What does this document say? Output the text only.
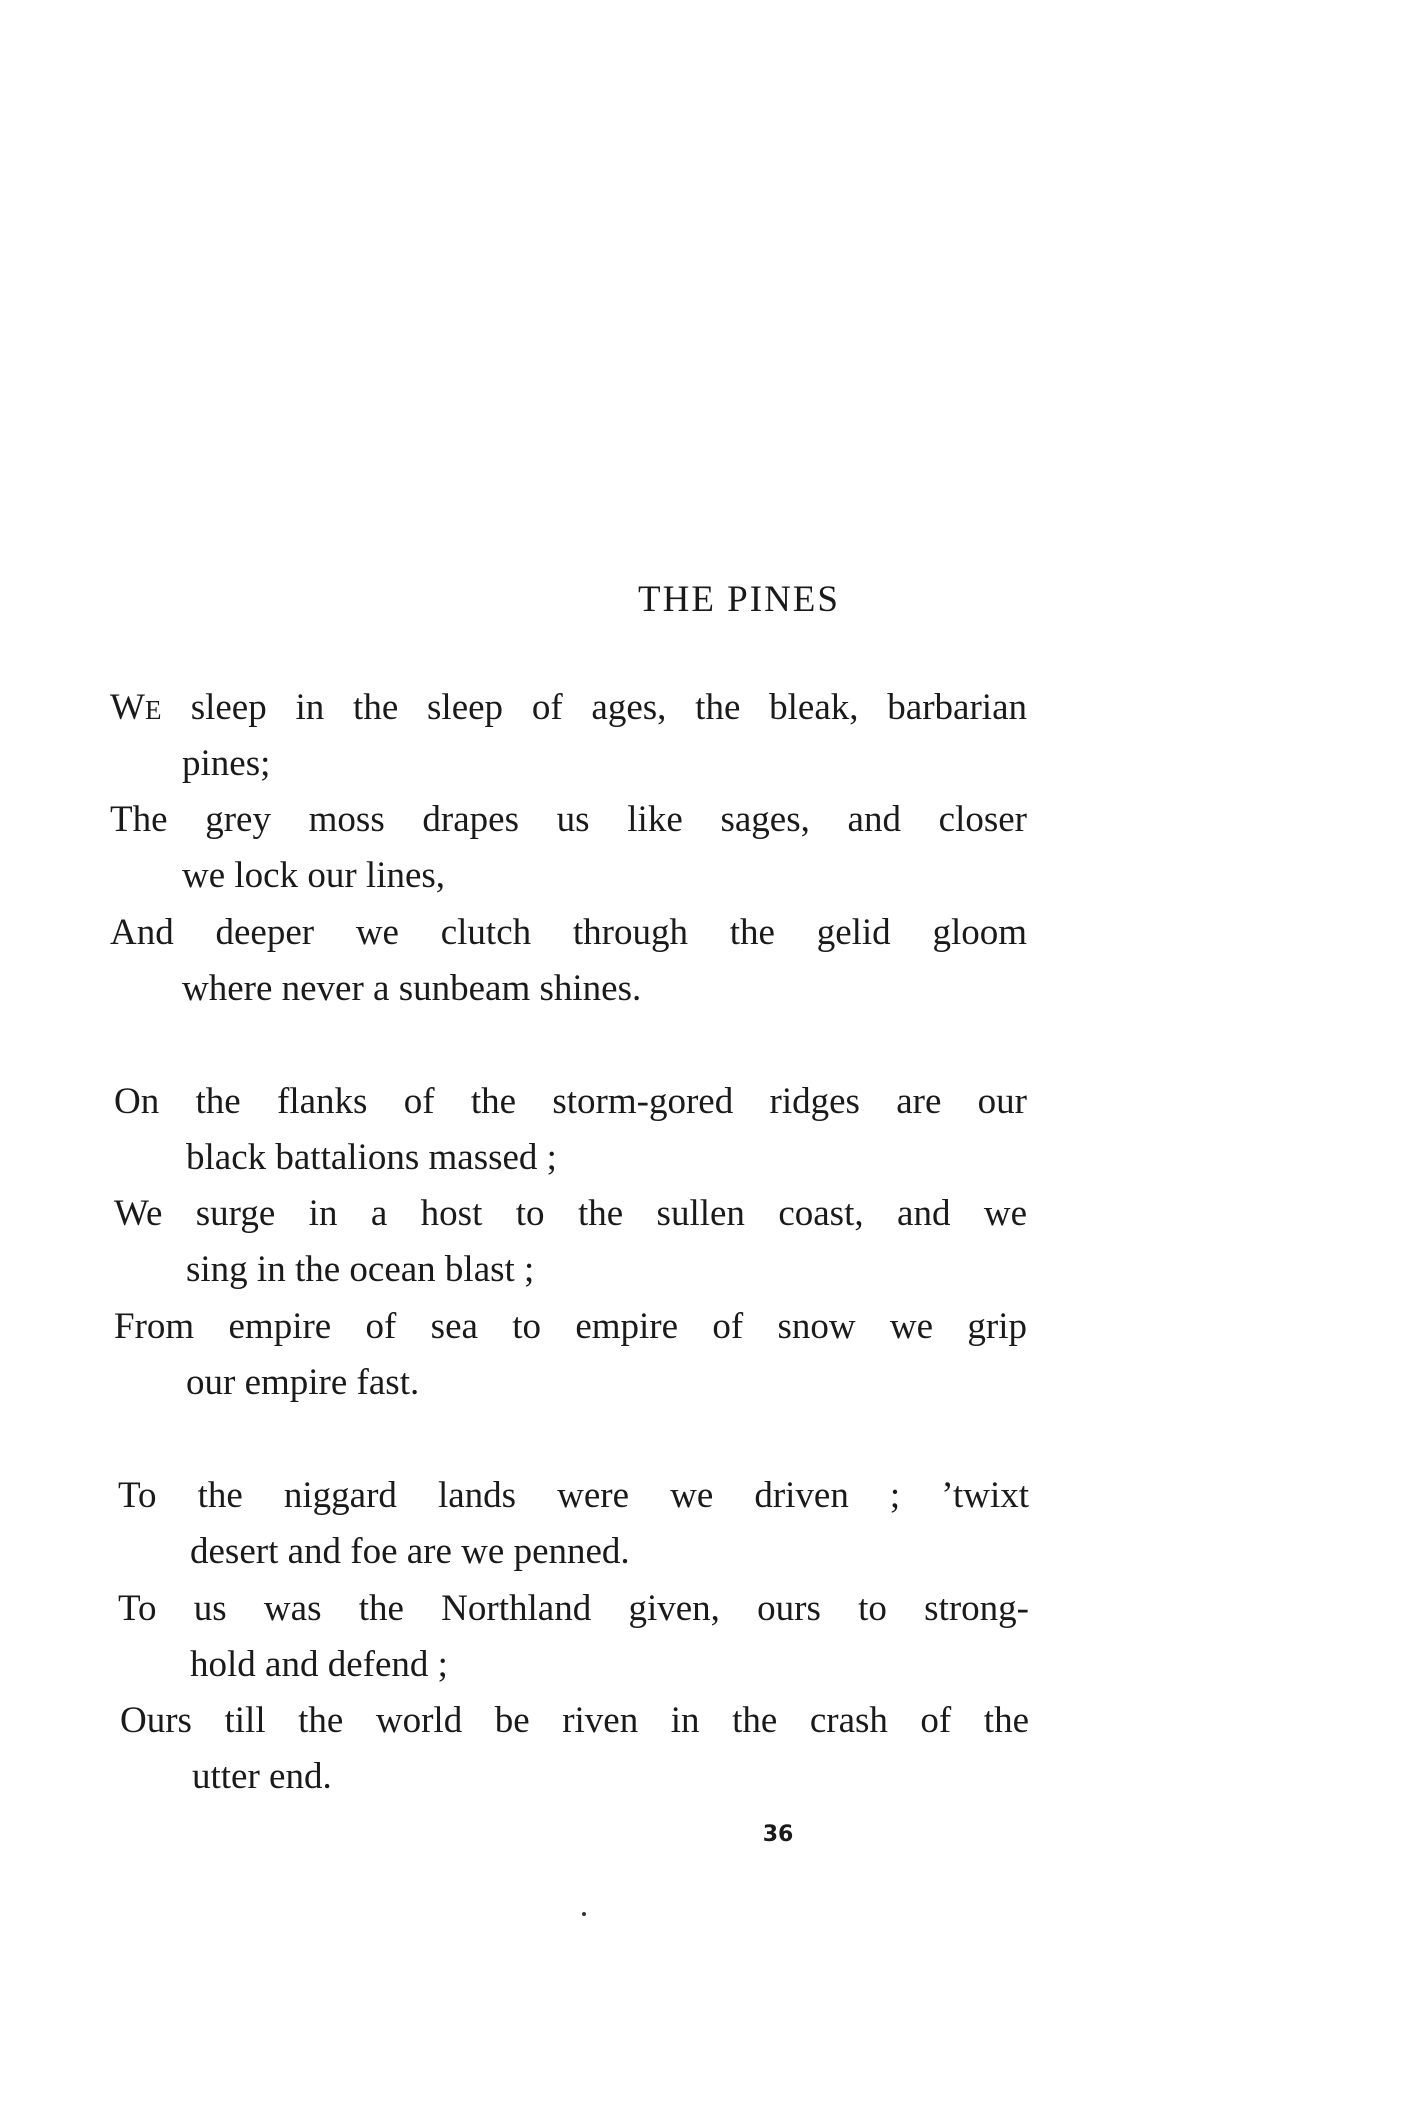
THE PINES
WE sleep in the sleep of ages, the bleak, barbarian
pines;
The grey moss drapes us like sages, and closer
we lock our lines,
And deeper we clutch through the gelid gloom
where never a sunbeam shines.
On the flanks of the storm-gored ridges are our
black battalions massed ;
We surge in a host to the sullen coast, and we
sing in the ocean blast ;
From empire of sea to empire of snow we grip
our empire fast.
To the niggard lands were we driven ; ’twixt
desert and foe are we penned.
To us was the Northland given, ours to strong-
hold and defend ;
Ours till the world be riven in the crash of the
utter end.
36
